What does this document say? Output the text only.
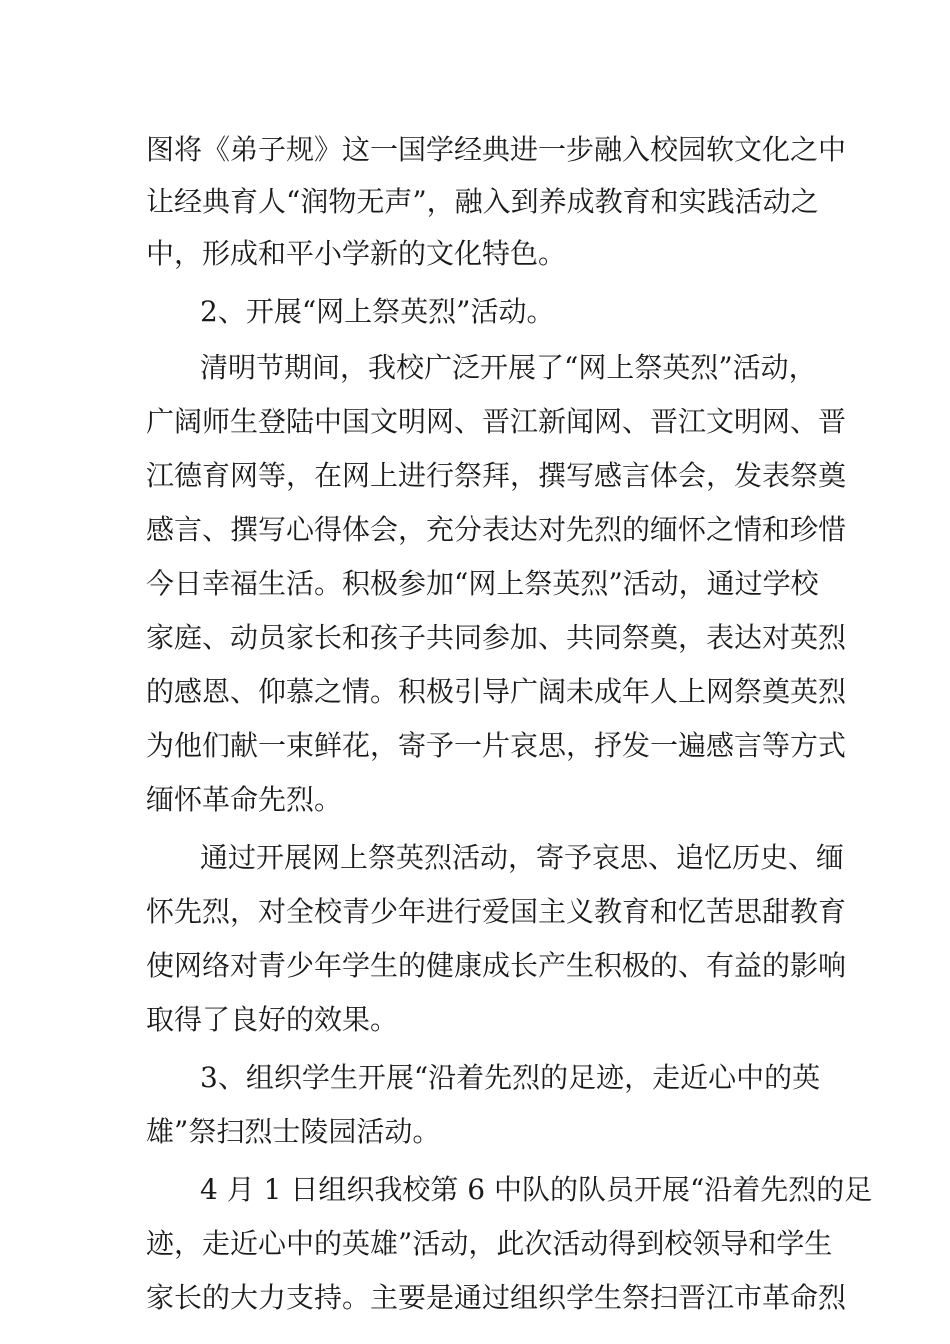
图将《弟子规》这一国学经典进一步融入校园软文化之中

让经典育人“润物无声”，融入到养成教育和实践活动之

中，形成和平小学新的文化特色。

2、开展“网上祭英烈”活动。

清明节期间，我校广泛开展了“网上祭英烈”活动，

广阔师生登陆中国文明网、晋江新闻网、晋江文明网、晋

江德育网等，在网上进行祭拜，撰写感言体会，发表祭奠

感言、撰写心得体会，充分表达对先烈的缅怀之情和珍惜

今日幸福生活。积极参加“网上祭英烈”活动，通过学校

家庭、动员家长和孩子共同参加、共同祭奠，表达对英烈

的感恩、仰慕之情。积极引导广阔未成年人上网祭奠英烈

为他们献一束鲜花，寄予一片哀思，抒发一遍感言等方式

缅怀革命先烈。

通过开展网上祭英烈活动，寄予哀思、追忆历史、缅

怀先烈，对全校青少年进行爱国主义教育和忆苦思甜教育

使网络对青少年学生的健康成长产生积极的、有益的影响

取得了良好的效果。

3、组织学生开展“沿着先烈的足迹，走近心中的英

雄”祭扫烈士陵园活动。

4 月 1 日组织我校第 6 中队的队员开展“沿着先烈的足

迹，走近心中的英雄”活动，此次活动得到校领导和学生

家长的大力支持。主要是通过组织学生祭扫晋江市革命烈
